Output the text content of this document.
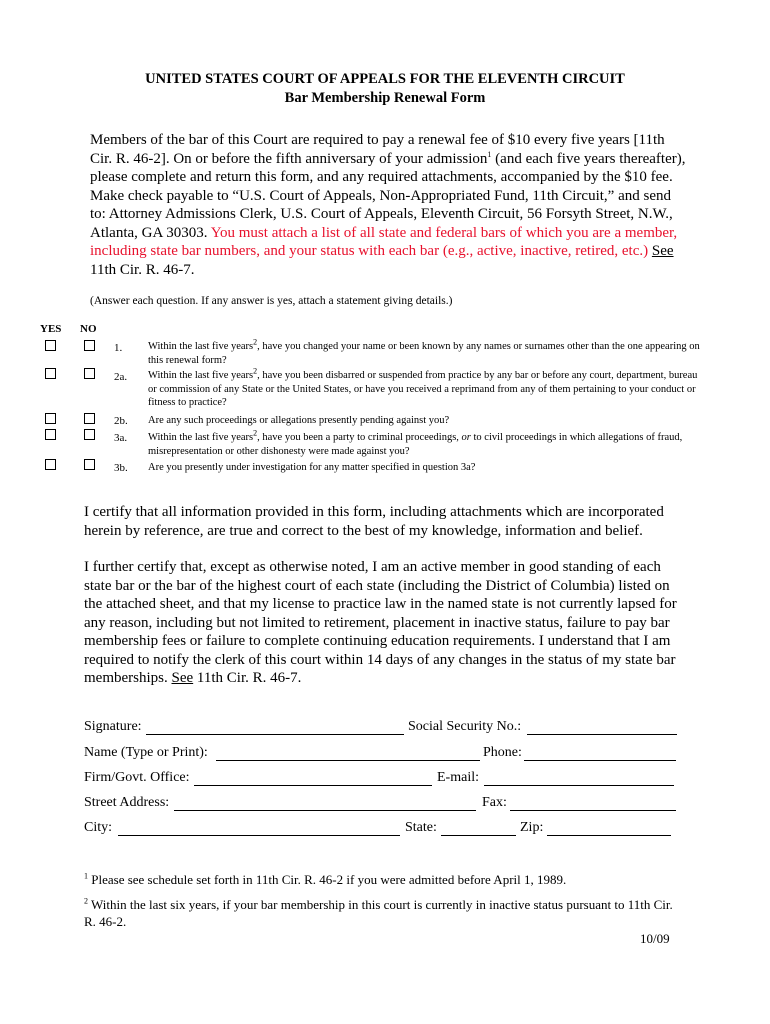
UNITED STATES COURT OF APPEALS FOR THE ELEVENTH CIRCUIT
Bar Membership Renewal Form
Members of the bar of this Court are required to pay a renewal fee of $10 every five years [11th Cir. R. 46-2]. On or before the fifth anniversary of your admission$^1$ (and each five years thereafter), please complete and return this form, and any required attachments, accompanied by the $10 fee. Make check payable to “U.S. Court of Appeals, Non-Appropriated Fund, 11th Circuit,” and send to: Attorney Admissions Clerk, U.S. Court of Appeals, Eleventh Circuit, 56 Forsyth Street, N.W., Atlanta, GA 30303. You must attach a list of all state and federal bars of which you are a member, including state bar numbers, and your status with each bar (e.g., active, inactive, retired, etc.) See 11th Cir. R. 46-7.
(Answer each question. If any answer is yes, attach a statement giving details.)
YES NO
1. Within the last five years$^2$, have you changed your name or been known by any names or surnames other than the one appearing on this renewal form?
2a. Within the last five years$^2$, have you been disbarred or suspended from practice by any bar or before any court, department, bureau or commission of any State or the United States, or have you received a reprimand from any of them pertaining to your conduct or fitness to practice?
2b. Are any such proceedings or allegations presently pending against you?
3a. Within the last five years$^2$, have you been a party to criminal proceedings, or to civil proceedings in which allegations of fraud, misrepresentation or other dishonesty were made against you?
3b. Are you presently under investigation for any matter specified in question 3a?
I certify that all information provided in this form, including attachments which are incorporated herein by reference, are true and correct to the best of my knowledge, information and belief.
I further certify that, except as otherwise noted, I am an active member in good standing of each state bar or the bar of the highest court of each state (including the District of Columbia) listed on the attached sheet, and that my license to practice law in the named state is not currently lapsed for any reason, including but not limited to retirement, placement in inactive status, failure to pay bar membership fees or failure to complete continuing education requirements. I understand that I am required to notify the clerk of this court within 14 days of any changes in the status of my state bar memberships. See 11th Cir. R. 46-7.
Signature:	Social Security No.:
Name (Type or Print):	Phone:
Firm/Govt. Office:	E-mail:
Street Address:	Fax:
City:	State:	Zip:
$^1$ Please see schedule set forth in 11th Cir. R. 46-2 if you were admitted before April 1, 1989.
$^2$ Within the last six years, if your bar membership in this court is currently in inactive status pursuant to 11th Cir. R. 46-2.
10/09
